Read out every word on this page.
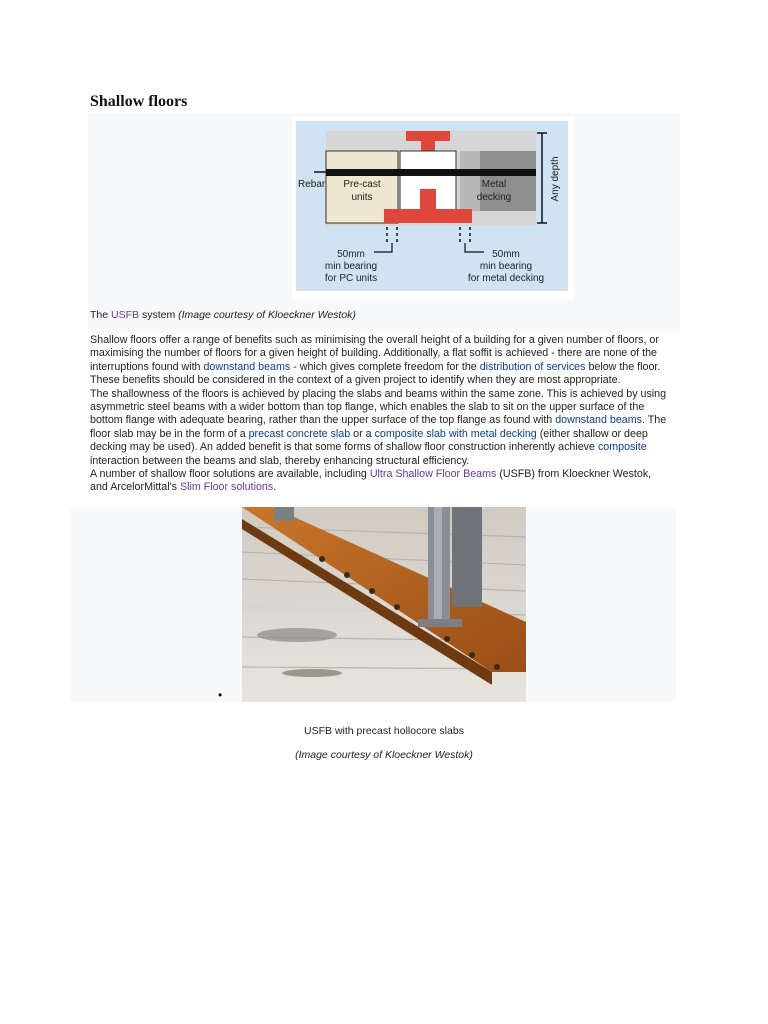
Shallow floors
Rebar Pre-cast
units
Metal
decking	Any depth
50mm
min bearing
for PC units
50mm
min bearing
for metal decking
The USFB system (Image courtesy of Kloeckner Westok)

Shallow floors offer a range of benefits such as minimising the overall height of a building for a given number of floors, or maximising the number of floors for a given height of building. Additionally, a flat soffit is achieved - there are none of the interruptions found with downstand beams - which gives complete freedom for the distribution of services below the floor. These benefits should be considered in the context of a given project to identify when they are most appropriate.

The shallowness of the floors is achieved by placing the slabs and beams within the same zone. This is achieved by using asymmetric steel beams with a wider bottom than top flange, which enables the slab to sit on the upper surface of the bottom flange with adequate bearing, rather than the upper surface of the top flange as found with downstand beams. The floor slab may be in the form of a precast concrete slab or a composite slab with metal decking (either shallow or deep decking may be used). An added benefit is that some forms of shallow floor construction inherently achieve composite interaction between the beams and slab, thereby enhancing structural efficiency.

A number of shallow floor solutions are available, including Ultra Shallow Floor Beams (USFB) from Kloeckner Westok, and ArcelorMittal's Slim Floor solutions.

•
USFB with precast hollocore slabs
(Image courtesy of Kloeckner Westok)
